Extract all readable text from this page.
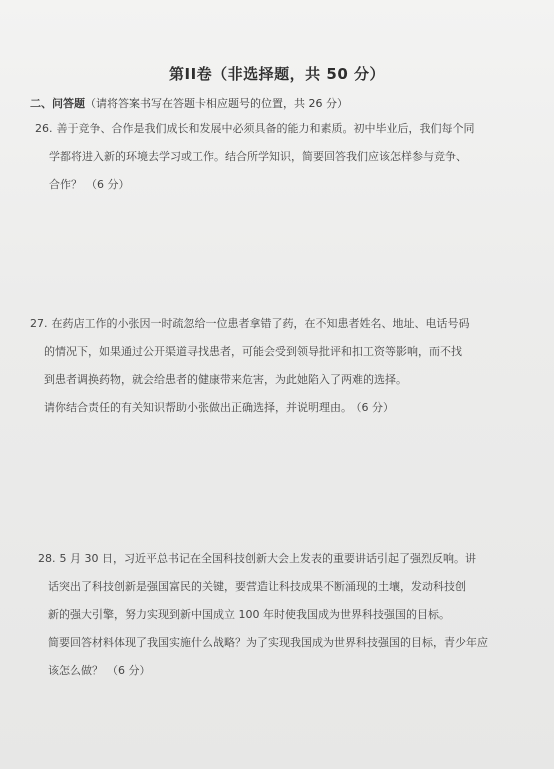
第II卷（非选择题，共 50 分）
二、问答题（请将答案书写在答题卡相应题号的位置，共 26 分）
26. 善于竞争、合作是我们成长和发展中必须具备的能力和素质。初中毕业后，我们每个同
学都将进入新的环境去学习或工作。结合所学知识，简要回答我们应该怎样参与竞争、
合作？ （6 分）
27. 在药店工作的小张因一时疏忽给一位患者拿错了药，在不知患者姓名、地址、电话号码
的情况下，如果通过公开渠道寻找患者，可能会受到领导批评和扣工资等影响，而不找
到患者调换药物，就会给患者的健康带来危害，为此她陷入了两难的选择。
请你结合责任的有关知识帮助小张做出正确选择，并说明理由。 （6 分）
28. 5 月 30 日，习近平总书记在全国科技创新大会上发表的重要讲话引起了强烈反响。讲
话突出了科技创新是强国富民的关键，要营造让科技成果不断涌现的土壤，发动科技创
新的强大引擎，努力实现到新中国成立 100 年时使我国成为世界科技强国的目标。
简要回答材料体现了我国实施什么战略？为了实现我国成为世界科技强国的目标，青少年应
该怎么做？ （6 分）
